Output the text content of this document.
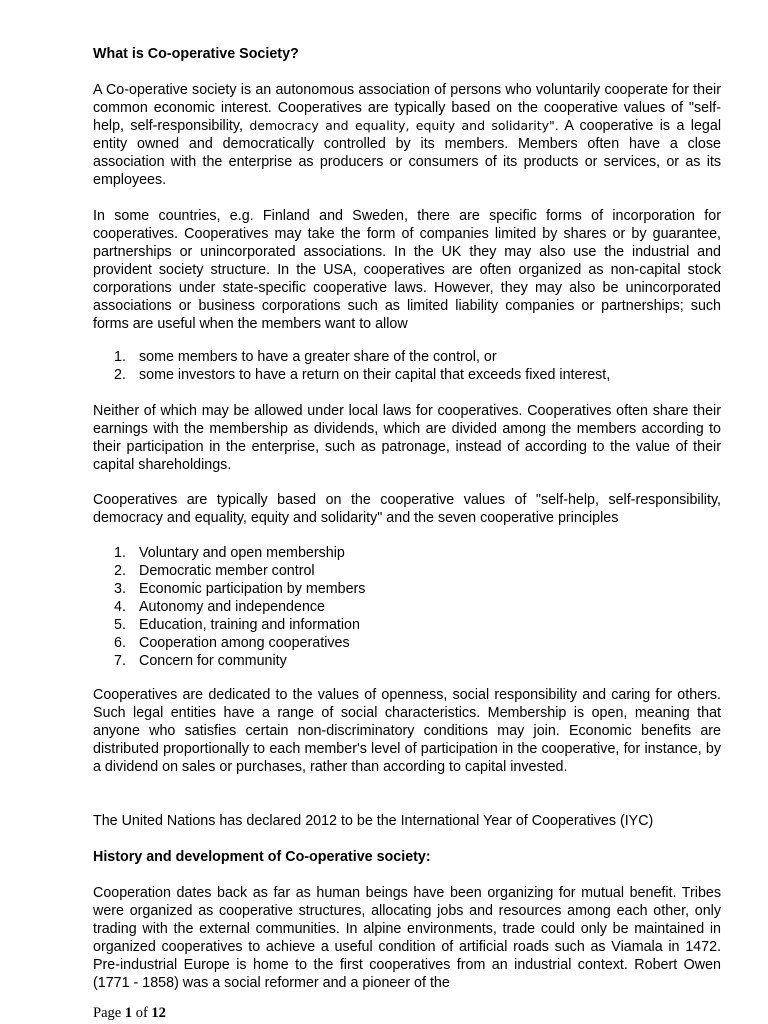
What is Co-operative Society?

A Co-operative society is an autonomous association of persons who voluntarily cooperate for their common economic interest. Cooperatives are typically based on the cooperative values of "self-help, self-responsibility, democracy and equality, equity and solidarity". A cooperative is a legal entity owned and democratically controlled by its members. Members often have a close association with the enterprise as producers or consumers of its products or services, or as its employees.

In some countries, e.g. Finland and Sweden, there are specific forms of incorporation for cooperatives. Cooperatives may take the form of companies limited by shares or by guarantee, partnerships or unincorporated associations. In the UK they may also use the industrial and provident society structure. In the USA, cooperatives are often organized as non-capital stock corporations under state-specific cooperative laws. However, they may also be unincorporated associations or business corporations such as limited liability companies or partnerships; such forms are useful when the members want to allow

1. some members to have a greater share of the control, or
2. some investors to have a return on their capital that exceeds fixed interest,

Neither of which may be allowed under local laws for cooperatives. Cooperatives often share their earnings with the membership as dividends, which are divided among the members according to their participation in the enterprise, such as patronage, instead of according to the value of their capital shareholdings.

Cooperatives are typically based on the cooperative values of "self-help, self-responsibility, democracy and equality, equity and solidarity" and the seven cooperative principles

1. Voluntary and open membership
2. Democratic member control
3. Economic participation by members
4. Autonomy and independence
5. Education, training and information
6. Cooperation among cooperatives
7. Concern for community

Cooperatives are dedicated to the values of openness, social responsibility and caring for others. Such legal entities have a range of social characteristics. Membership is open, meaning that anyone who satisfies certain non-discriminatory conditions may join. Economic benefits are distributed proportionally to each member's level of participation in the cooperative, for instance, by a dividend on sales or purchases, rather than according to capital invested.

The United Nations has declared 2012 to be the International Year of Cooperatives (IYC)

History and development of Co-operative society:

Cooperation dates back as far as human beings have been organizing for mutual benefit. Tribes were organized as cooperative structures, allocating jobs and resources among each other, only trading with the external communities. In alpine environments, trade could only be maintained in organized cooperatives to achieve a useful condition of artificial roads such as Viamala in 1472. Pre-industrial Europe is home to the first cooperatives from an industrial context. Robert Owen (1771 - 1858) was a social reformer and a pioneer of the

Page 1 of 12
